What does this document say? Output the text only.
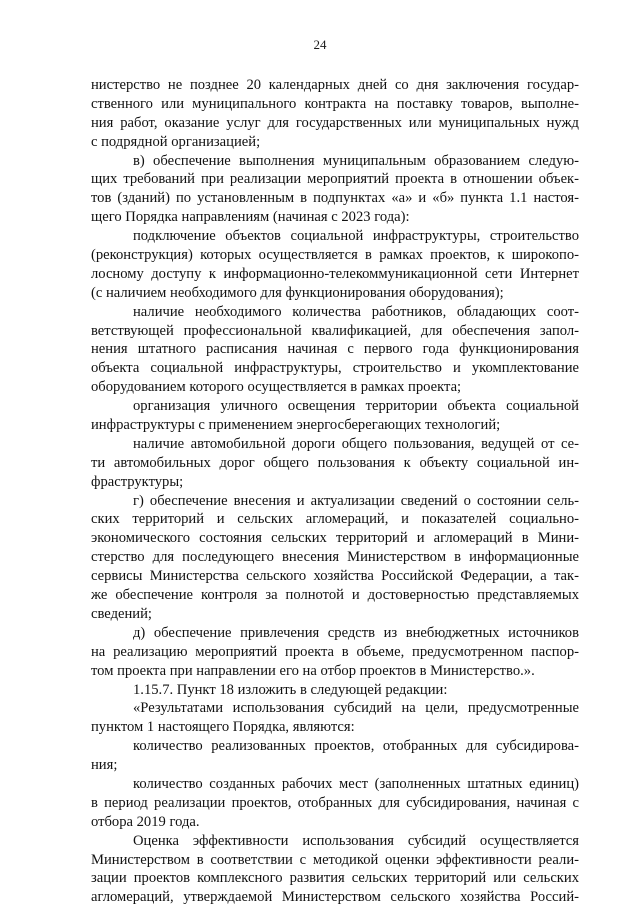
24
нистерство не позднее 20 календарных дней со дня заключения государ-
ственного или муниципального контракта на поставку товаров, выполне-
ния работ, оказание услуг для государственных или муниципальных нужд
с подрядной организацией;
в) обеспечение выполнения муниципальным образованием следую-
щих требований при реализации мероприятий проекта в отношении объек-
тов (зданий) по установленным в подпунктах «а» и «б» пункта 1.1 настоя-
щего Порядка направлениям (начиная с 2023 года):
подключение объектов социальной инфраструктуры, строительство
(реконструкция) которых осуществляется в рамках проектов, к широкопо-
лосному доступу к информационно-телекоммуникационной сети Интернет
(с наличием необходимого для функционирования оборудования);
наличие необходимого количества работников, обладающих соот-
ветствующей профессиональной квалификацией, для обеспечения запол-
нения штатного расписания начиная с первого года функционирования
объекта социальной инфраструктуры, строительство и укомплектование
оборудованием которого осуществляется в рамках проекта;
организация уличного освещения территории объекта социальной
инфраструктуры с применением энергосберегающих технологий;
наличие автомобильной дороги общего пользования, ведущей от се-
ти автомобильных дорог общего пользования к объекту социальной ин-
фраструктуры;
г) обеспечение внесения и актуализации сведений о состоянии сель-
ских территорий и сельских агломераций, и показателей социально-
экономического состояния сельских территорий и агломераций в Мини-
стерство для последующего внесения Министерством в информационные
сервисы Министерства сельского хозяйства Российской Федерации, а так-
же обеспечение контроля за полнотой и достоверностью представляемых
сведений;
д) обеспечение привлечения средств из внебюджетных источников
на реализацию мероприятий проекта в объеме, предусмотренном паспор-
том проекта при направлении его на отбор проектов в Министерство.».
1.15.7. Пункт 18 изложить в следующей редакции:
«Результатами использования субсидий на цели, предусмотренные
пунктом 1 настоящего Порядка, являются:
количество реализованных проектов, отобранных для субсидирова-
ния;
количество созданных рабочих мест (заполненных штатных единиц)
в период реализации проектов, отобранных для субсидирования, начиная с
отбора 2019 года.
Оценка эффективности использования субсидий осуществляется
Министерством в соответствии с методикой оценки эффективности реали-
зации проектов комплексного развития сельских территорий или сельских
агломераций, утверждаемой Министерством сельского хозяйства Россий-
